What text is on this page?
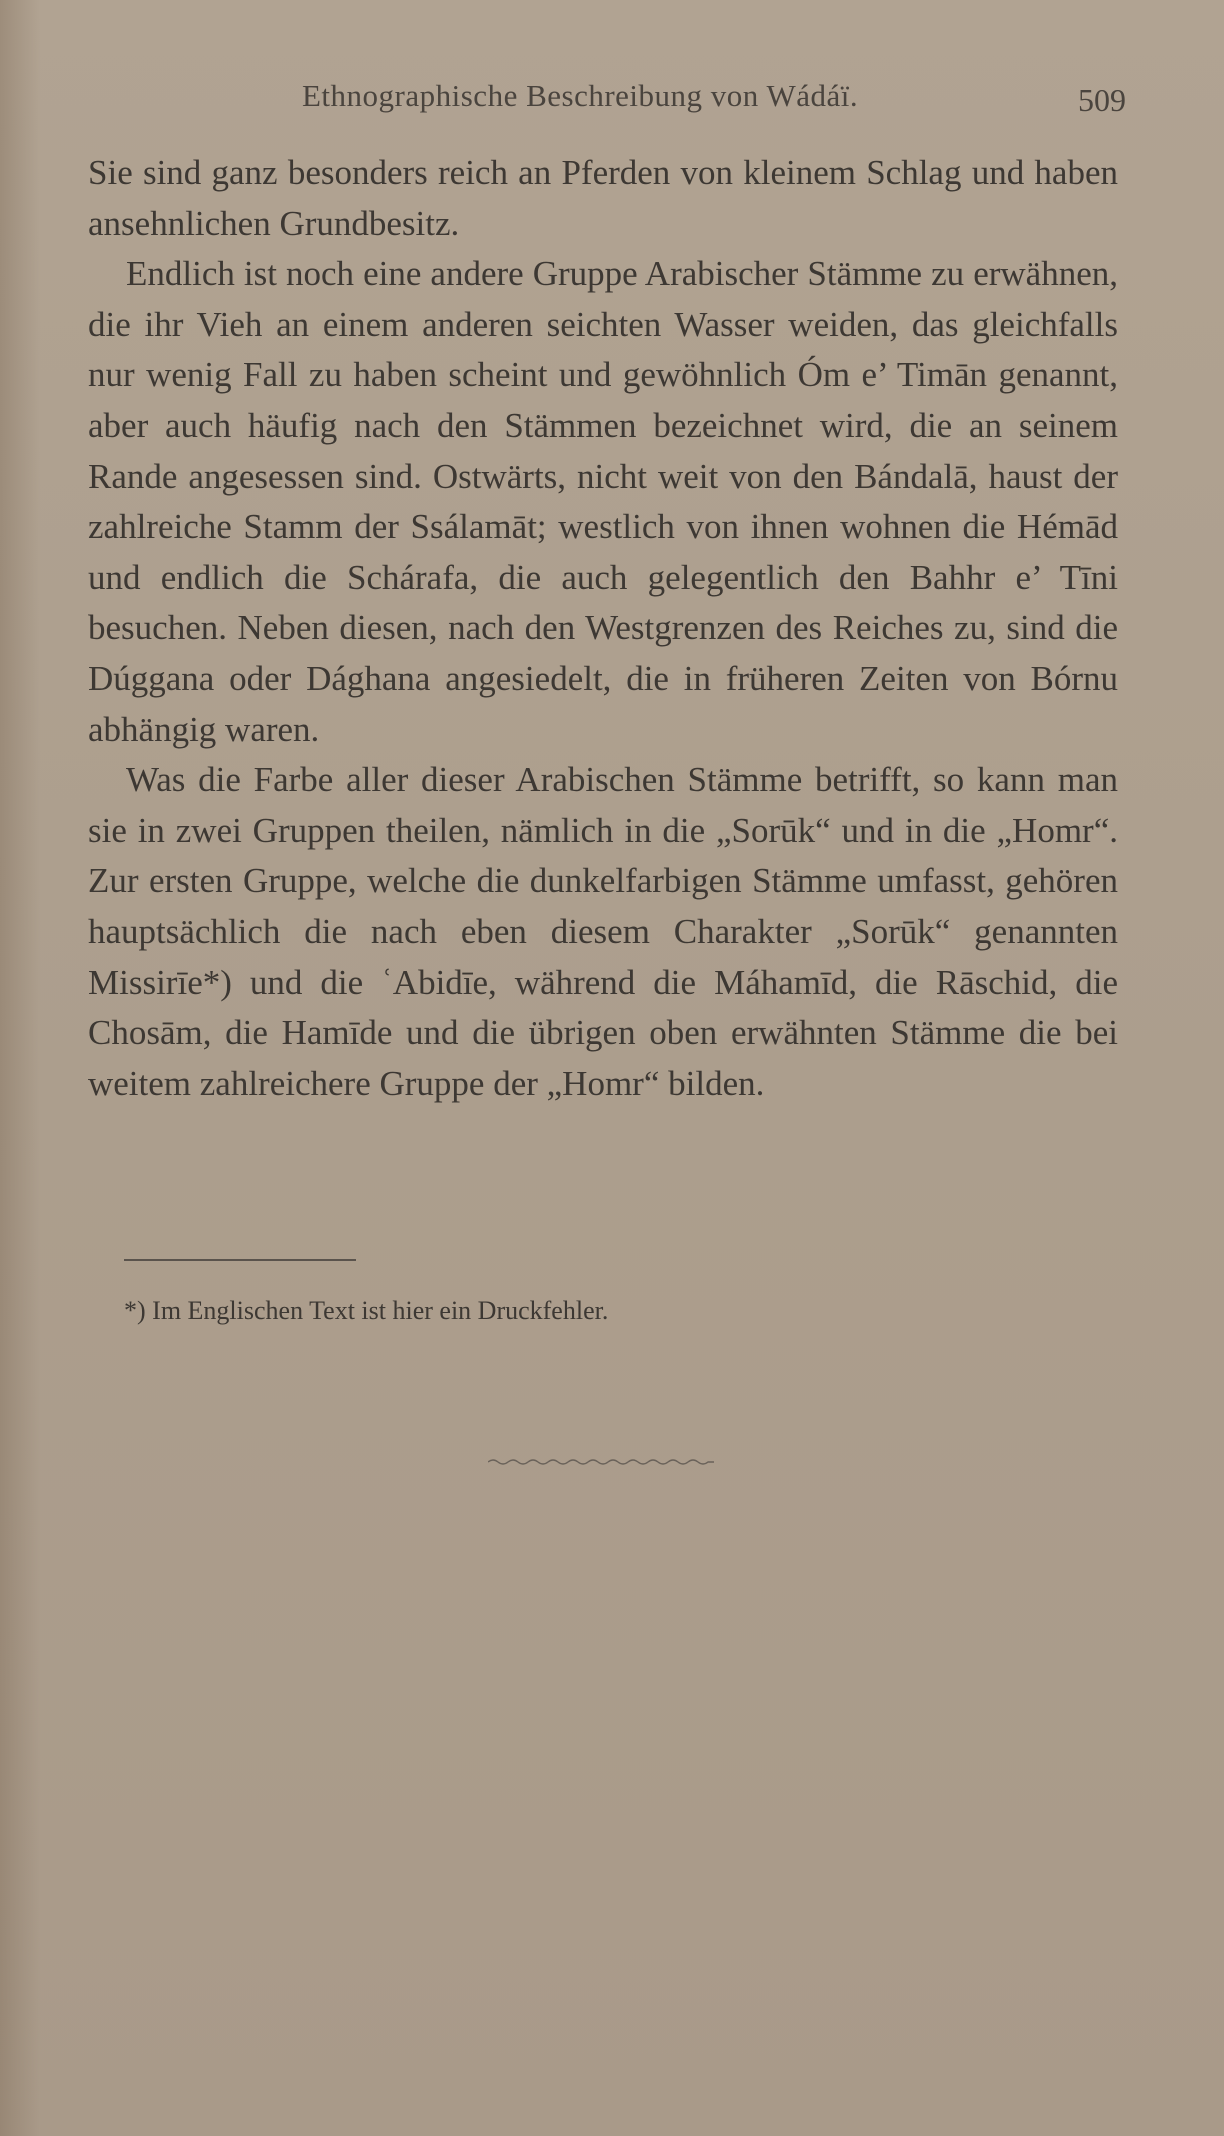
Ethnographische Beschreibung von Wádáï.	509

Sie sind ganz besonders reich an Pferden von kleinem Schlag und haben ansehnlichen Grundbesitz.

Endlich ist noch eine andere Gruppe Arabischer Stämme zu erwähnen, die ihr Vieh an einem anderen seichten Wasser weiden, das gleichfalls nur wenig Fall zu haben scheint und gewöhnlich Óm e’ Timān genannt, aber auch häufig nach den Stämmen bezeichnet wird, die an seinem Rande angesessen sind. Ostwärts, nicht weit von den Bándalā, haust der zahlreiche Stamm der Ssálamāt; westlich von ihnen wohnen die Hémād und endlich die Schárafa, die auch gelegentlich den Bahhr e’ Tīni besuchen. Neben diesen, nach den Westgrenzen des Reiches zu, sind die Dúggana oder Dághana angesiedelt, die in früheren Zeiten von Bórnu abhängig waren.

Was die Farbe aller dieser Arabischen Stämme betrifft, so kann man sie in zwei Gruppen theilen, nämlich in die „Sorūk“ und in die „Homr“. Zur ersten Gruppe, welche die dunkelfarbigen Stämme umfasst, gehören hauptsächlich die nach eben diesem Charakter „Sorūk“ genannten Missirīe*) und die ʿAbidīe, während die Máhamīd, die Rāschid, die Chosām, die Hamīde und die übrigen oben erwähnten Stämme die bei weitem zahlreichere Gruppe der „Homr“ bilden.

*) Im Englischen Text ist hier ein Druckfehler.
